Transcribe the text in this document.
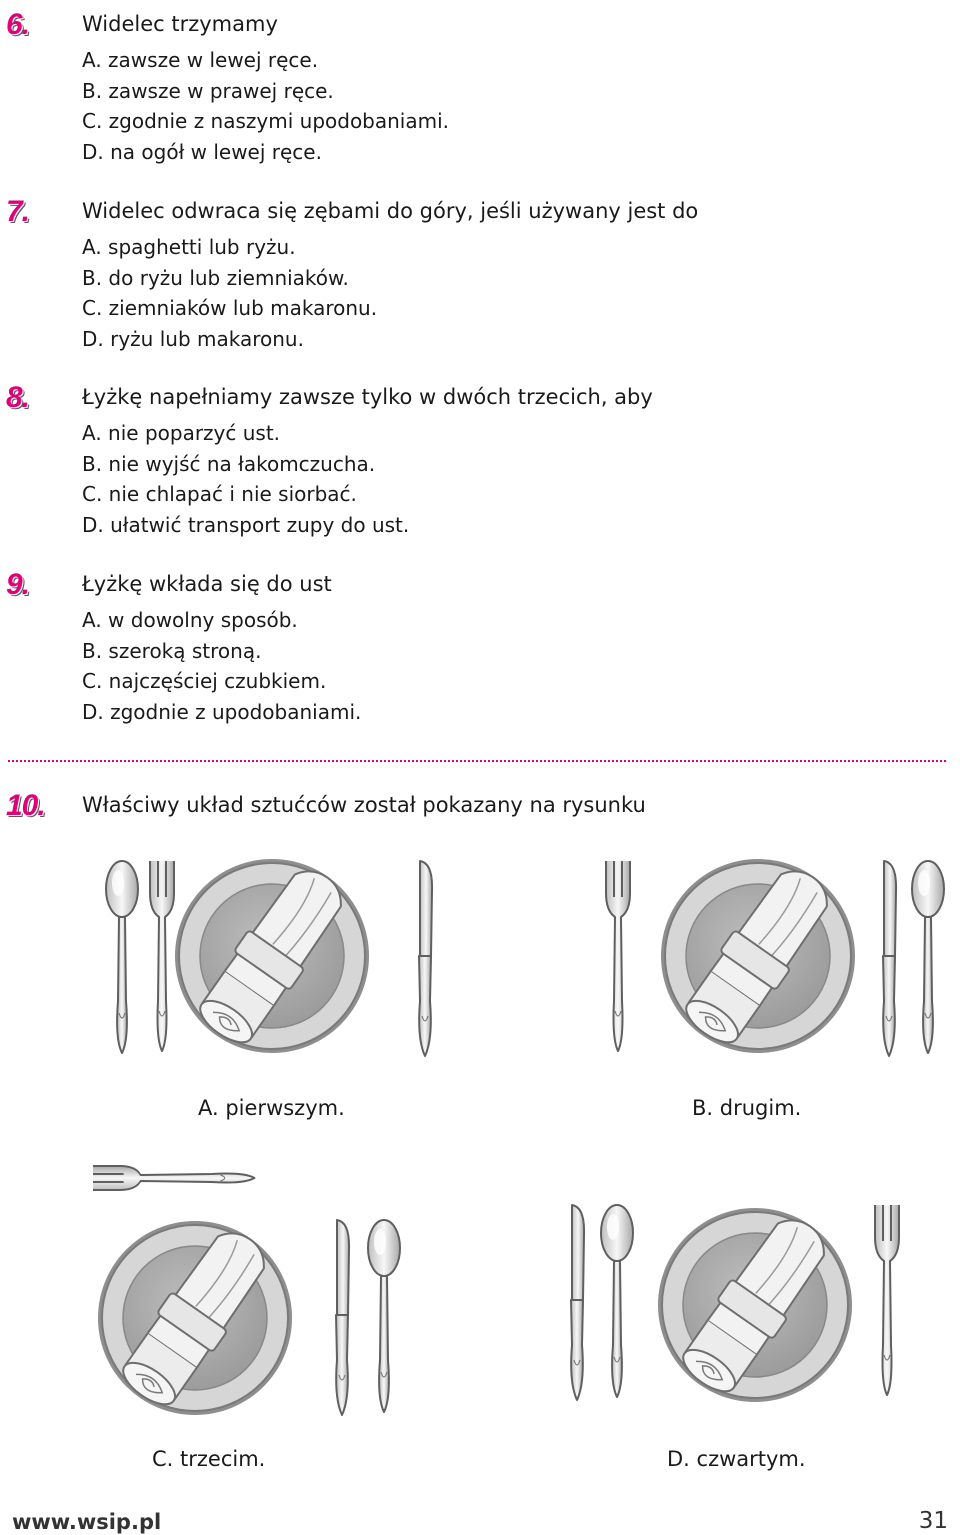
6.	Widelec trzymamy
A. zawsze w lewej ręce.
B. zawsze w prawej ręce.
C. zgodnie z naszymi upodobaniami.
D. na ogół w lewej ręce.
7.	Widelec odwraca się zębami do góry, jeśli używany jest do
A. spaghetti lub ryżu.
B. do ryżu lub ziemniaków.
C. ziemniaków lub makaronu.
D. ryżu lub makaronu.
8.	Łyżkę napełniamy zawsze tylko w dwóch trzecich, aby
A. nie poparzyć ust.
B. nie wyjść na łakomczucha.
C. nie chlapać i nie siorbać.
D. ułatwić transport zupy do ust.
9.	Łyżkę wkłada się do ust
A. w dowolny sposób.
B. szeroką stroną.
C. najczęściej czubkiem.
D. zgodnie z upodobaniami.
10. Właściwy układ sztućców został pokazany na rysunku
A. pierwszym.	B. drugim.
C. trzecim.	D. czwartym.
www.wsip.pl	31
